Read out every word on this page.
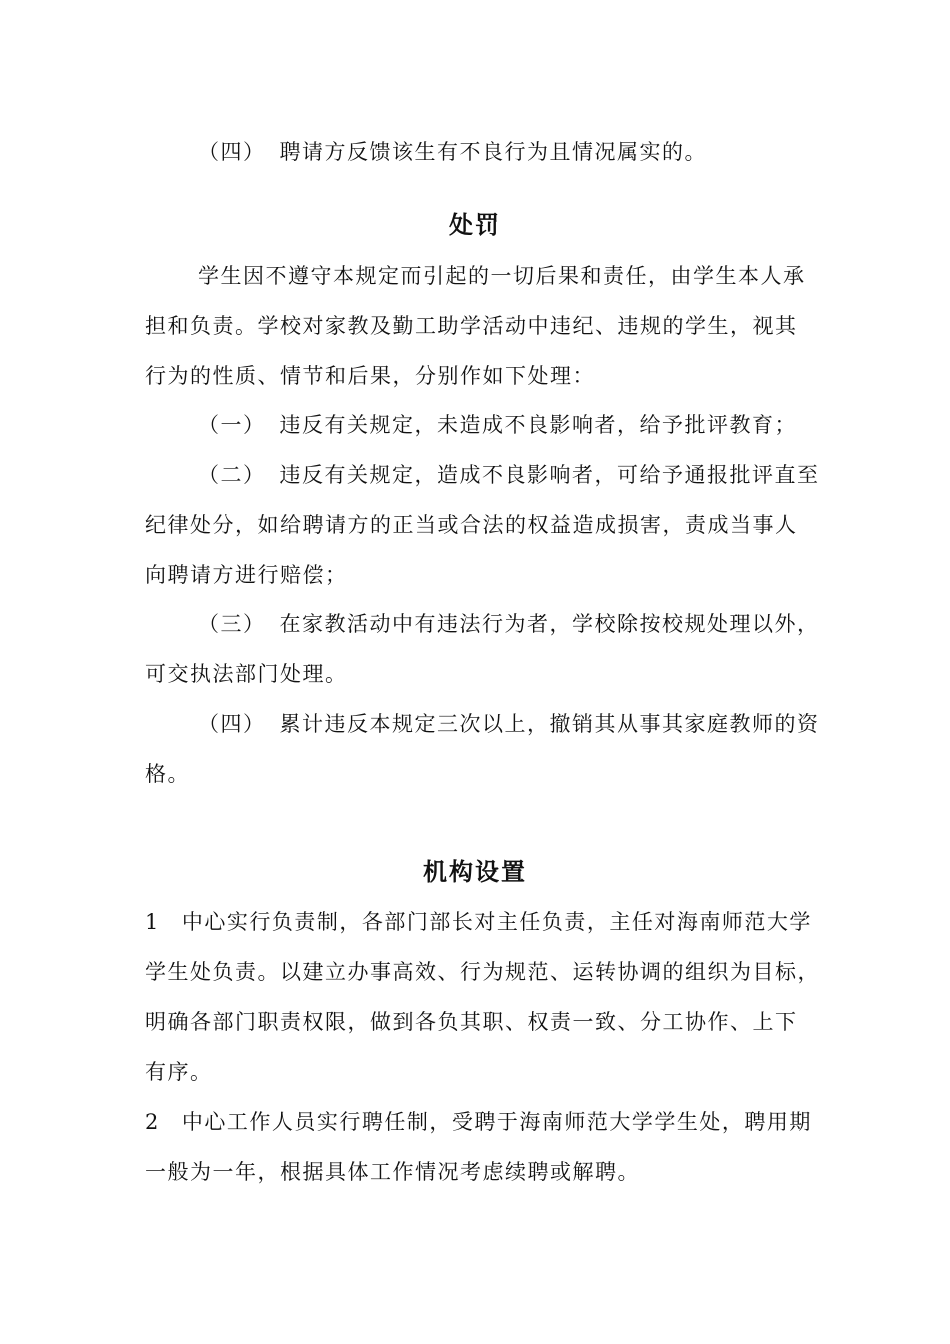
（四） 聘请方反馈该生有不良行为且情况属实的。
处罚
学生因不遵守本规定而引起的一切后果和责任，由学生本人承
担和负责。学校对家教及勤工助学活动中违纪、违规的学生，视其
行为的性质、情节和后果，分别作如下处理：
（一） 违反有关规定，未造成不良影响者，给予批评教育；
（二） 违反有关规定，造成不良影响者，可给予通报批评直至
纪律处分，如给聘请方的正当或合法的权益造成损害，责成当事人
向聘请方进行赔偿；
（三） 在家教活动中有违法行为者，学校除按校规处理以外，
可交执法部门处理。
（四） 累计违反本规定三次以上，撤销其从事其家庭教师的资
格。
机构设置
1 中心实行负责制，各部门部长对主任负责，主任对海南师范大学
学生处负责。以建立办事高效、行为规范、运转协调的组织为目标，
明确各部门职责权限，做到各负其职、权责一致、分工协作、上下
有序。
2 中心工作人员实行聘任制，受聘于海南师范大学学生处，聘用期
一般为一年，根据具体工作情况考虑续聘或解聘。
